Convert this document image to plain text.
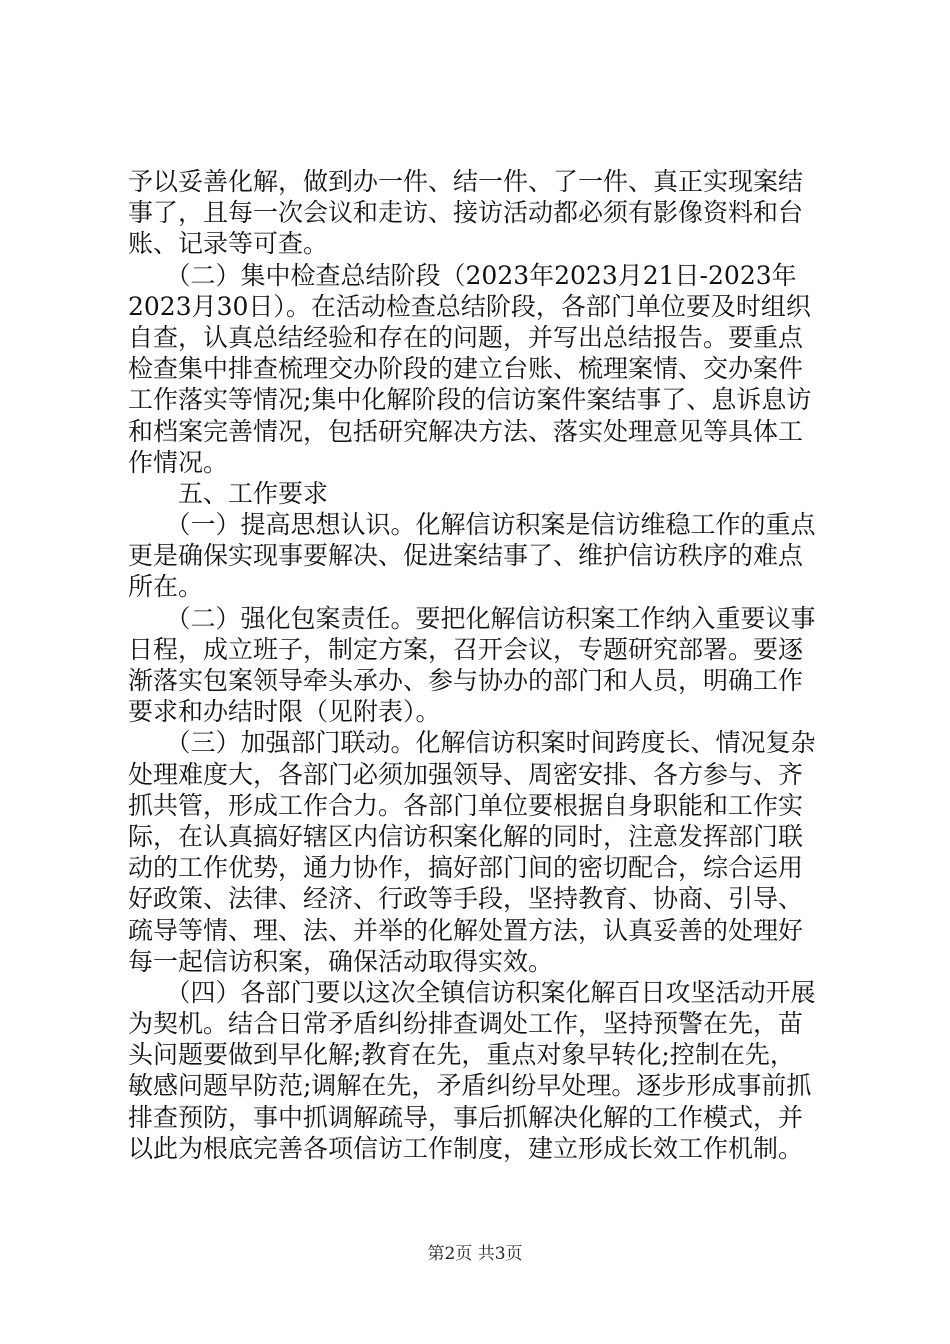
予以妥善化解，做到办一件、结一件、了一件、真正实现案结
事了，且每一次会议和走访、接访活动都必须有影像资料和台
账、记录等可查。
　　（二）集中检查总结阶段（2023年2023月21日-2023年
2023月30日）。在活动检查总结阶段，各部门单位要及时组织
自查，认真总结经验和存在的问题，并写出总结报告。要重点
检查集中排查梳理交办阶段的建立台账、梳理案情、交办案件
工作落实等情况;集中化解阶段的信访案件案结事了、息诉息访
和档案完善情况，包括研究解决方法、落实处理意见等具体工
作情况。
　　五、工作要求
　　（一）提高思想认识。化解信访积案是信访维稳工作的重点
更是确保实现事要解决、促进案结事了、维护信访秩序的难点
所在。
　　（二）强化包案责任。要把化解信访积案工作纳入重要议事
日程，成立班子，制定方案，召开会议，专题研究部署。要逐
渐落实包案领导牵头承办、参与协办的部门和人员，明确工作
要求和办结时限（见附表）。
　　（三）加强部门联动。化解信访积案时间跨度长、情况复杂
处理难度大，各部门必须加强领导、周密安排、各方参与、齐
抓共管，形成工作合力。各部门单位要根据自身职能和工作实
际，在认真搞好辖区内信访积案化解的同时，注意发挥部门联
动的工作优势，通力协作，搞好部门间的密切配合，综合运用
好政策、法律、经济、行政等手段，坚持教育、协商、引导、
疏导等情、理、法、并举的化解处置方法，认真妥善的处理好
每一起信访积案，确保活动取得实效。
　　（四）各部门要以这次全镇信访积案化解百日攻坚活动开展
为契机。结合日常矛盾纠纷排查调处工作，坚持预警在先，苗
头问题要做到早化解;教育在先，重点对象早转化;控制在先，
敏感问题早防范;调解在先，矛盾纠纷早处理。逐步形成事前抓
排查预防，事中抓调解疏导，事后抓解决化解的工作模式，并
以此为根底完善各项信访工作制度，建立形成长效工作机制。
第2页 共3页
